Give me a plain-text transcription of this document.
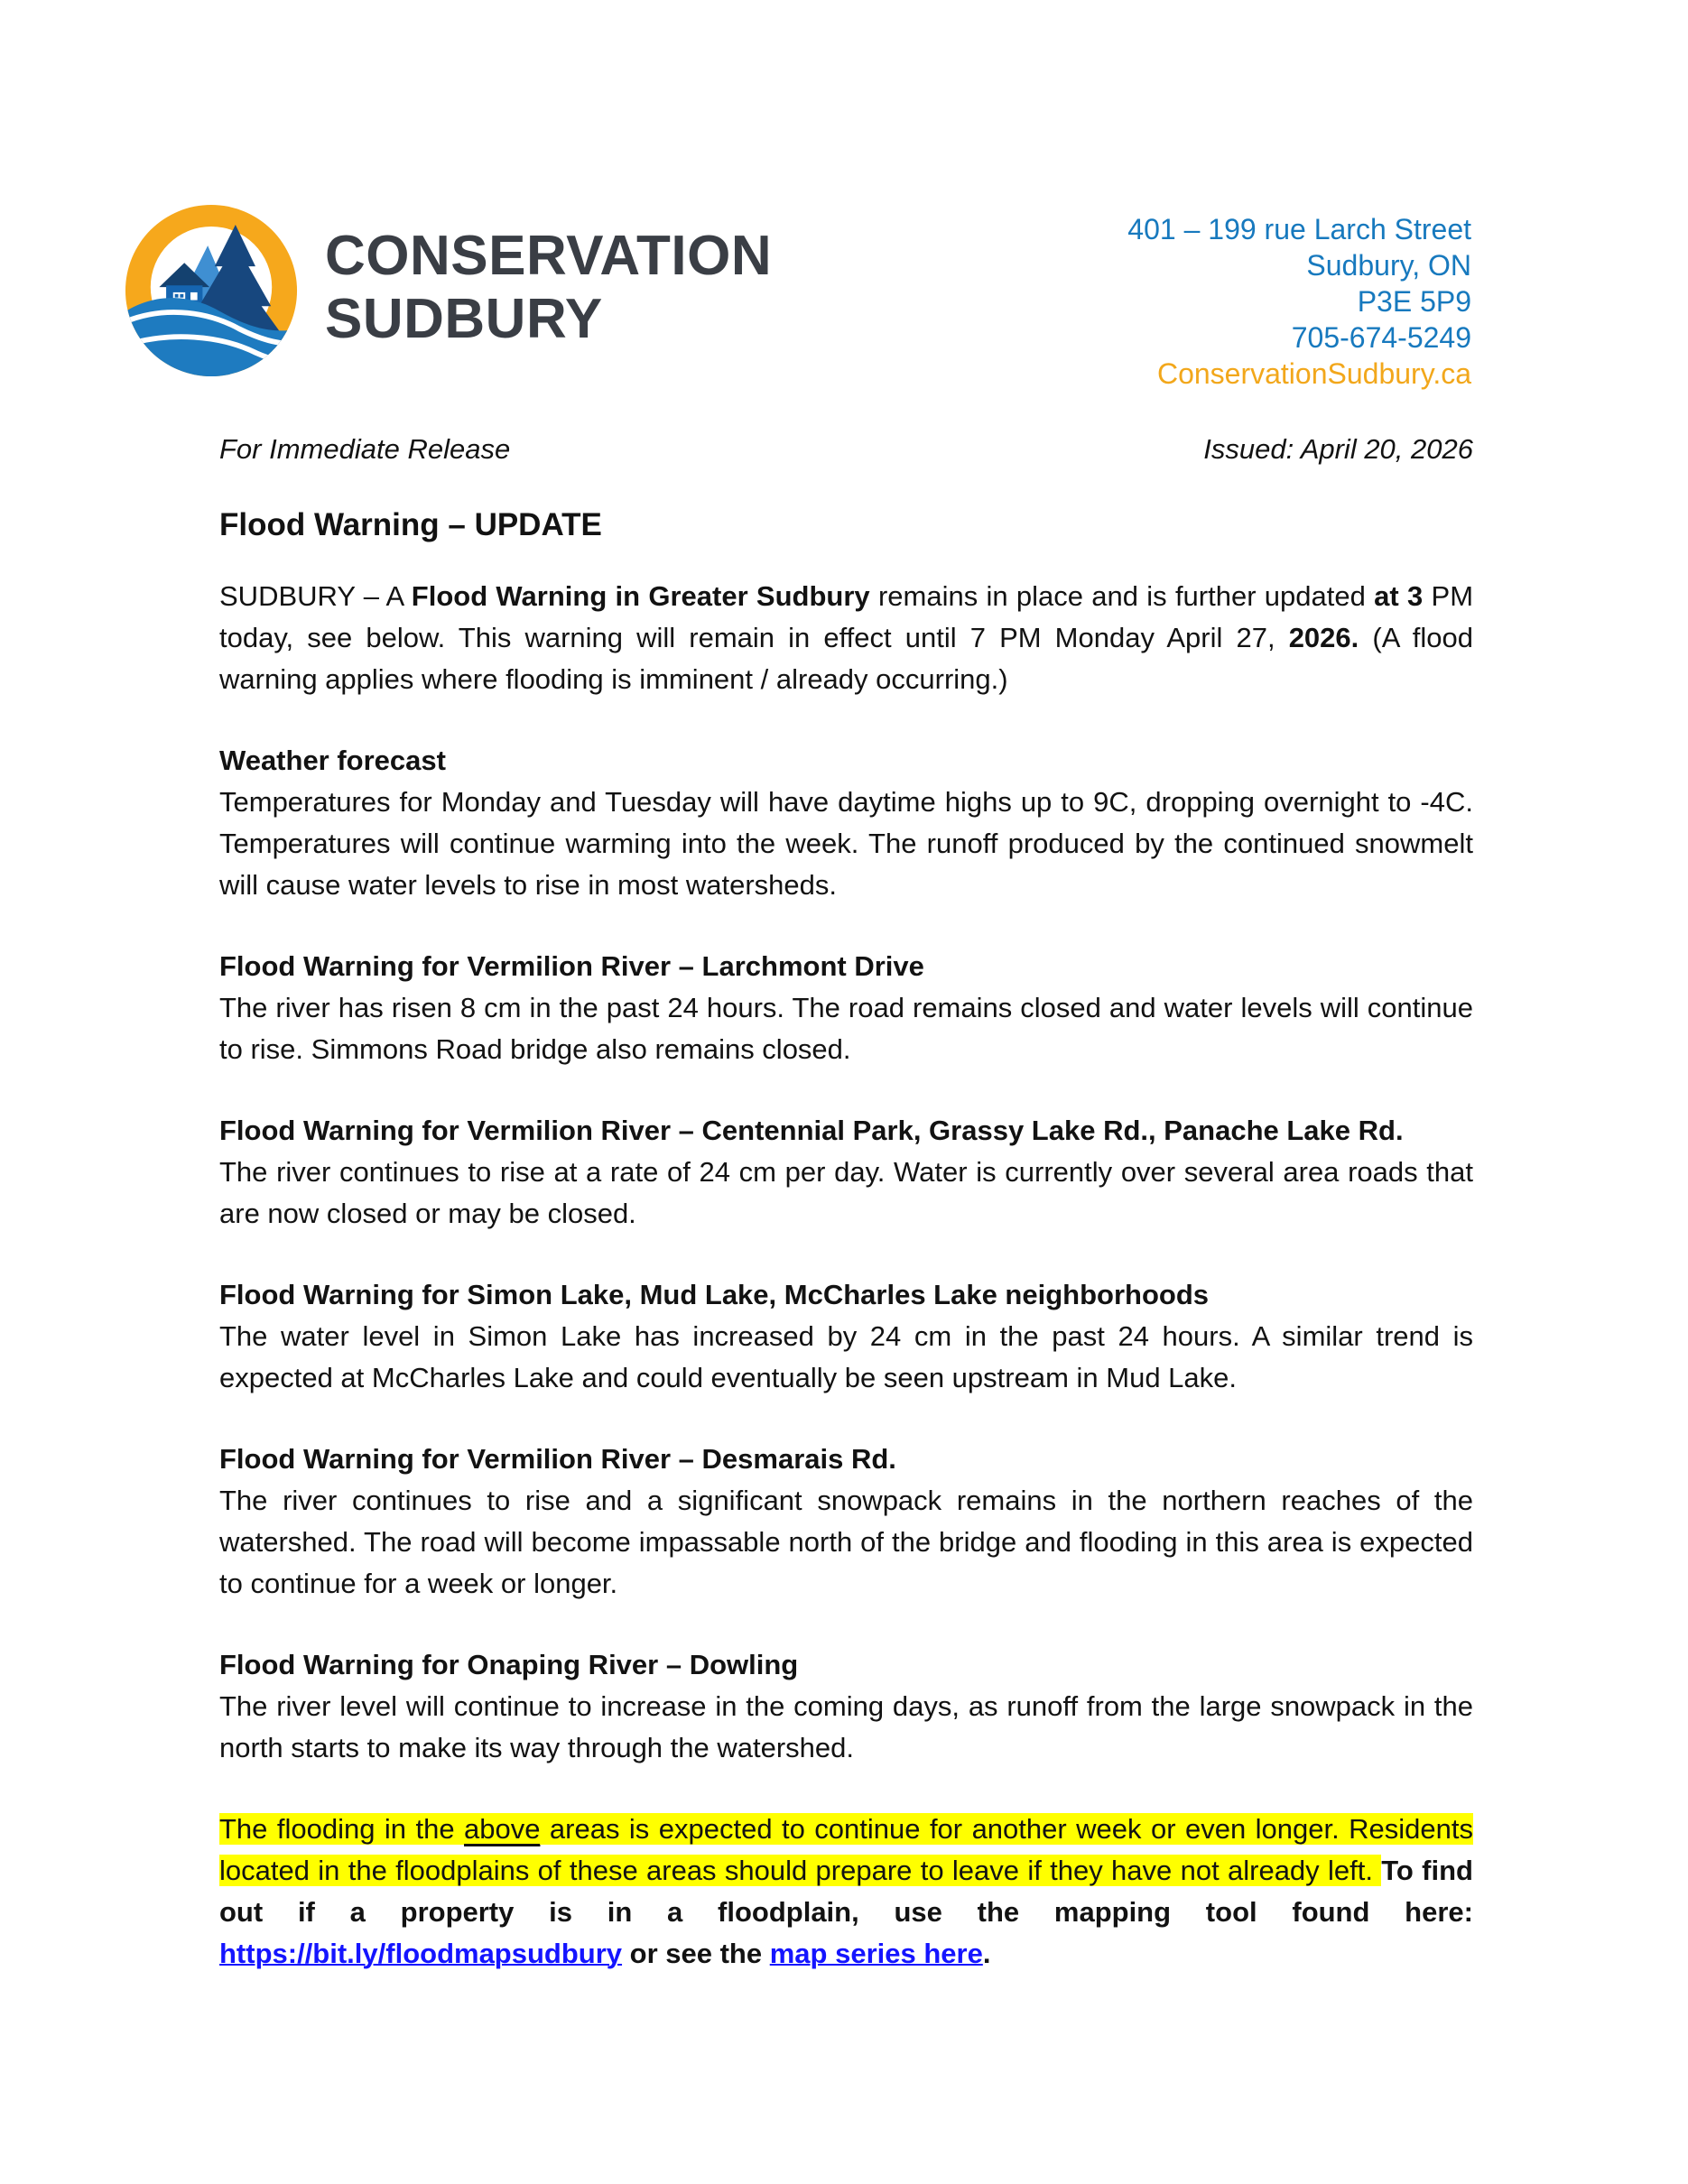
CONSERVATION
SUDBURY
401 – 199 rue Larch Street
Sudbury, ON
P3E 5P9
705-674-5249
ConservationSudbury.ca
For Immediate Release	Issued: April 20, 2026
Flood Warning – UPDATE

SUDBURY – A Flood Warning in Greater Sudbury remains in place and is further updated at 3 PM today, see below. This warning will remain in effect until 7 PM Monday April 27, 2026. (A flood warning applies where flooding is imminent / already occurring.)

Weather forecast

Temperatures for Monday and Tuesday will have daytime highs up to 9C, dropping overnight to -4C. Temperatures will continue warming into the week. The runoff produced by the continued snowmelt will cause water levels to rise in most watersheds.

Flood Warning for Vermilion River – Larchmont Drive

The river has risen 8 cm in the past 24 hours. The road remains closed and water levels will continue to rise. Simmons Road bridge also remains closed.

Flood Warning for Vermilion River – Centennial Park, Grassy Lake Rd., Panache Lake Rd.

The river continues to rise at a rate of 24 cm per day. Water is currently over several area roads that are now closed or may be closed.

Flood Warning for Simon Lake, Mud Lake, McCharles Lake neighborhoods

The water level in Simon Lake has increased by 24 cm in the past 24 hours. A similar trend is expected at McCharles Lake and could eventually be seen upstream in Mud Lake.

Flood Warning for Vermilion River – Desmarais Rd.

The river continues to rise and a significant snowpack remains in the northern reaches of the watershed. The road will become impassable north of the bridge and flooding in this area is expected to continue for a week or longer.

Flood Warning for Onaping River – Dowling

The river level will continue to increase in the coming days, as runoff from the large snowpack in the north starts to make its way through the watershed.

The flooding in the above areas is expected to continue for another week or even longer. Residents located in the floodplains of these areas should prepare to leave if they have not already left. To find out if a property is in a floodplain, use the mapping tool found here: https://bit.ly/floodmapsudbury or see the map series here.
